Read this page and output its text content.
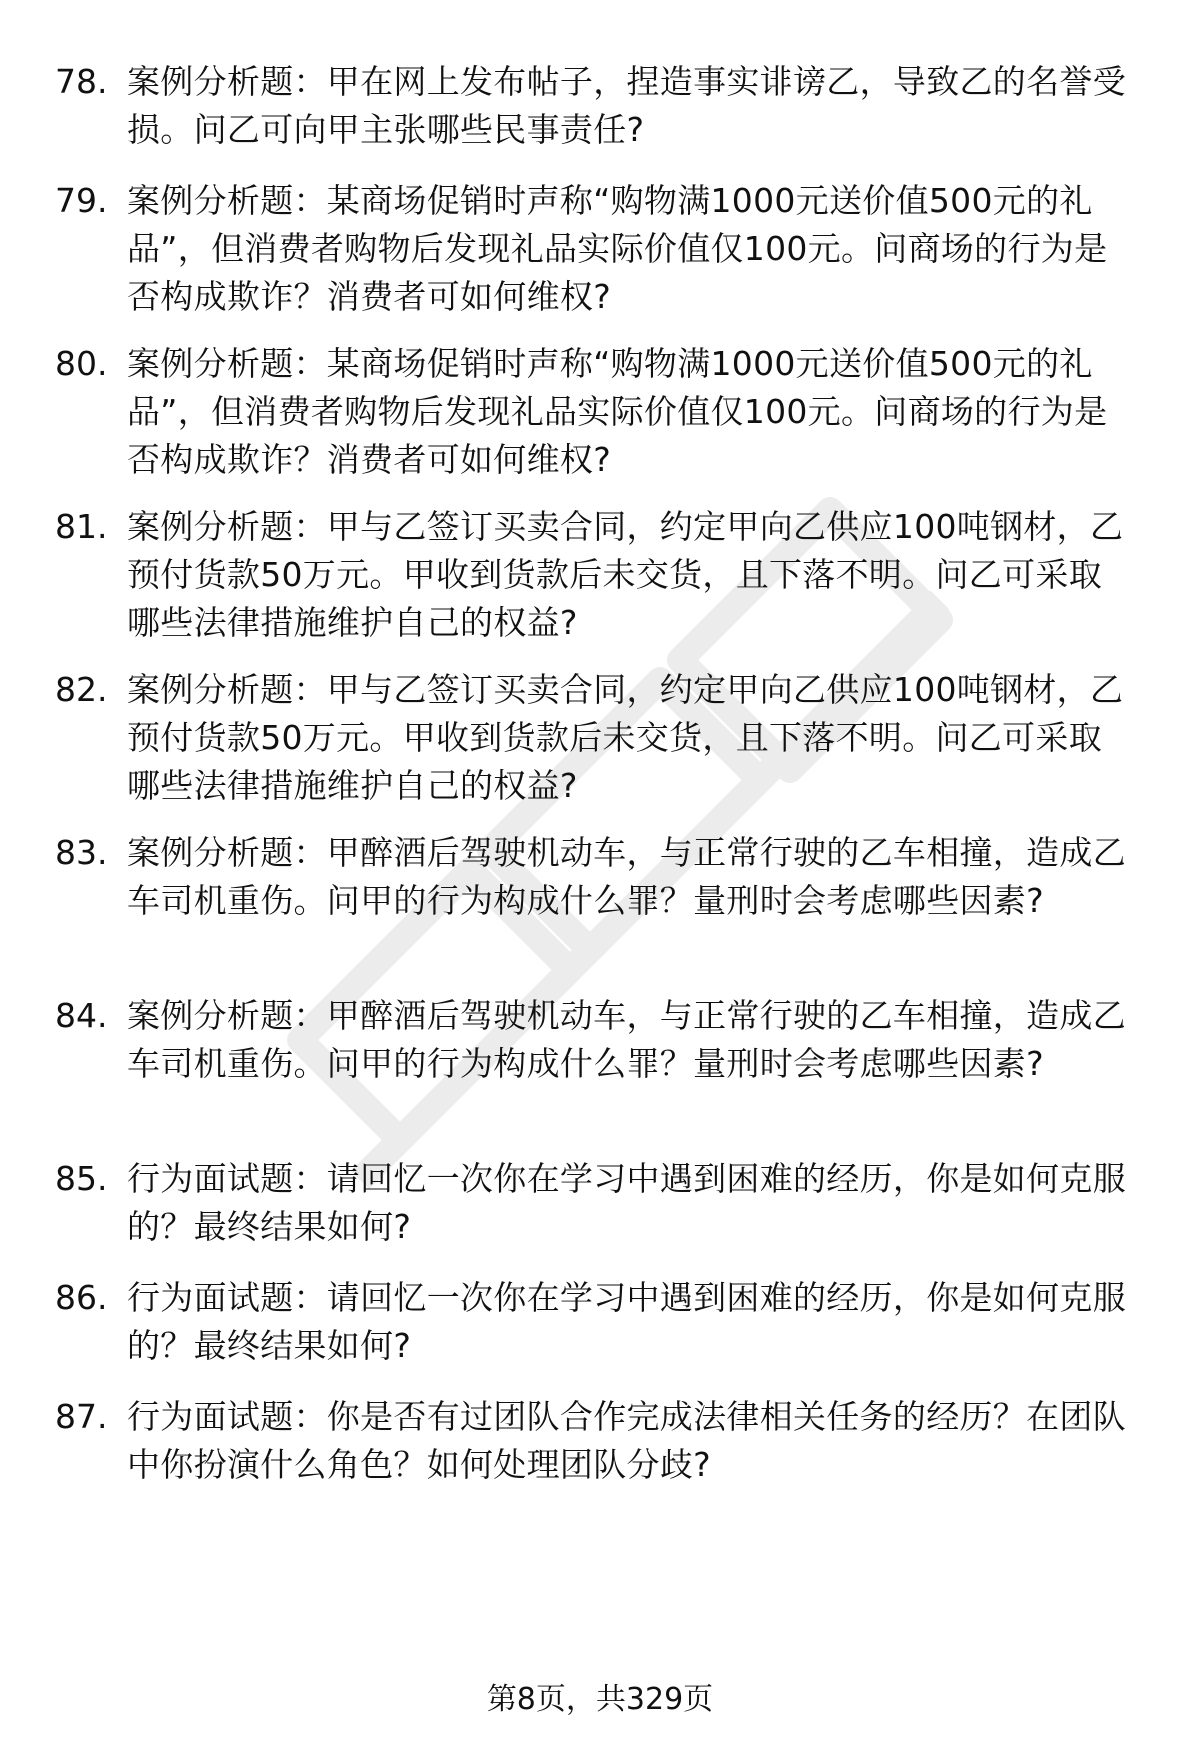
78. 案例分析题：甲在网上发布帖子，捏造事实诽谤乙，导致乙的名誉受损。问乙可向甲主张哪些民事责任?
79. 案例分析题：某商场促销时声称“购物满1000元送价值500元的礼品”，但消费者购物后发现礼品实际价值仅100元。问商场的行为是否构成欺诈？消费者可如何维权?
80. 案例分析题：某商场促销时声称“购物满1000元送价值500元的礼品”，但消费者购物后发现礼品实际价值仅100元。问商场的行为是否构成欺诈？消费者可如何维权?
81. 案例分析题：甲与乙签订买卖合同，约定甲向乙供应100吨钢材，乙预付货款50万元。甲收到货款后未交货，且下落不明。问乙可采取哪些法律措施维护自己的权益?
82. 案例分析题：甲与乙签订买卖合同，约定甲向乙供应100吨钢材，乙预付货款50万元。甲收到货款后未交货，且下落不明。问乙可采取哪些法律措施维护自己的权益?
83. 案例分析题：甲醉酒后驾驶机动车，与正常行驶的乙车相撞，造成乙车司机重伤。问甲的行为构成什么罪？量刑时会考虑哪些因素?
84. 案例分析题：甲醉酒后驾驶机动车，与正常行驶的乙车相撞，造成乙车司机重伤。问甲的行为构成什么罪？量刑时会考虑哪些因素?
85. 行为面试题：请回忆一次你在学习中遇到困难的经历，你是如何克服的？最终结果如何?
86. 行为面试题：请回忆一次你在学习中遇到困难的经历，你是如何克服的？最终结果如何?
87. 行为面试题：你是否有过团队合作完成法律相关任务的经历？在团队中你扮演什么角色？如何处理团队分歧?
第8页，共329页
